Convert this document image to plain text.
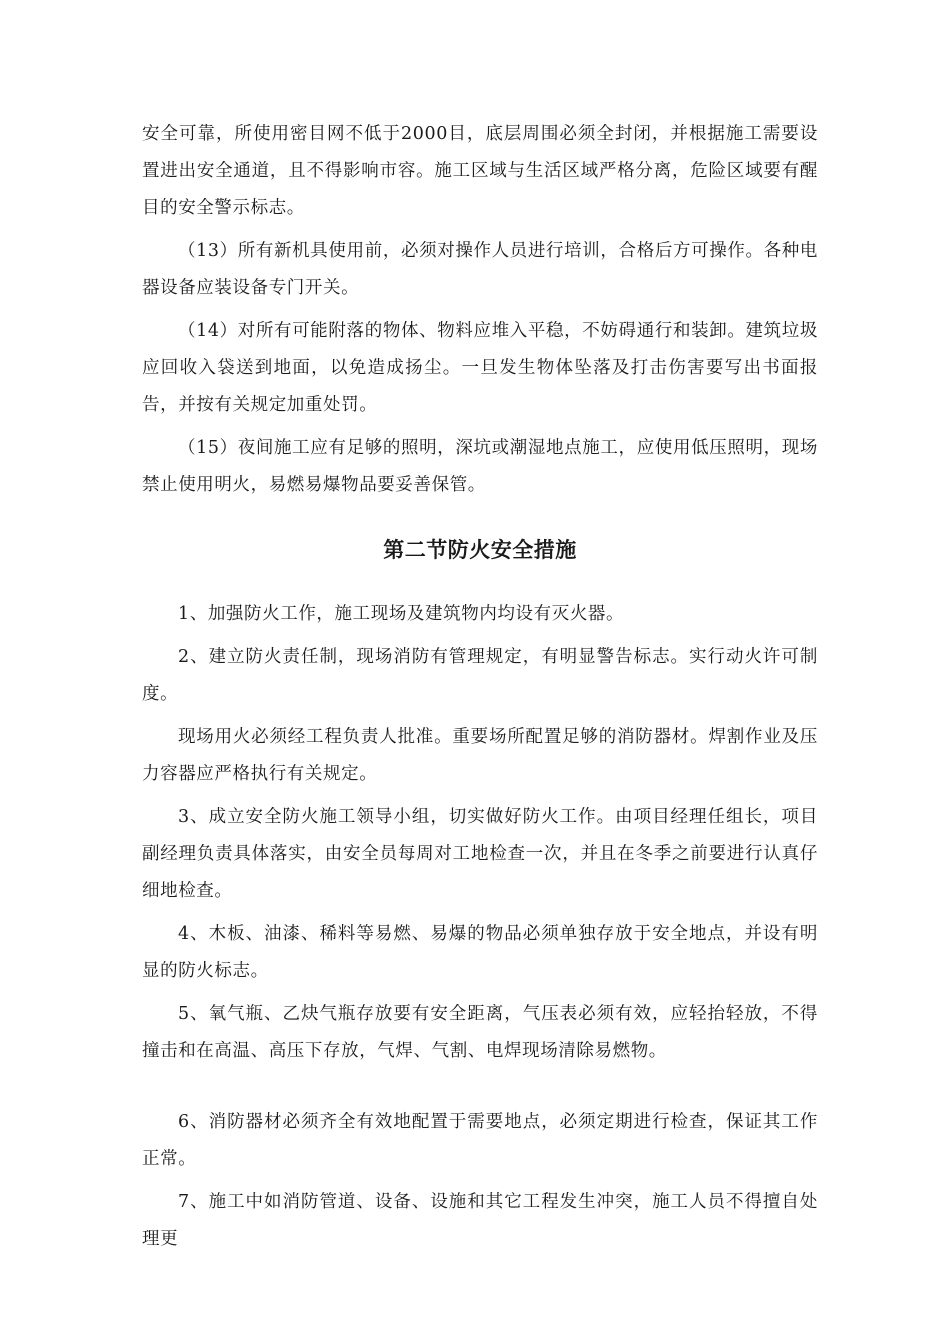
安全可靠，所使用密目网不低于2000目，底层周围必须全封闭，并根据施工需要设置进出安全通道，且不得影响市容。施工区域与生活区域严格分离，危险区域要有醒目的安全警示标志。

（13）所有新机具使用前，必须对操作人员进行培训，合格后方可操作。各种电器设备应装设备专门开关。

（14）对所有可能附落的物体、物料应堆入平稳，不妨碍通行和装卸。建筑垃圾应回收入袋送到地面，以免造成扬尘。一旦发生物体坠落及打击伤害要写出书面报告，并按有关规定加重处罚。

（15）夜间施工应有足够的照明，深坑或潮湿地点施工，应使用低压照明，现场禁止使用明火，易燃易爆物品要妥善保管。

第二节防火安全措施

1、加强防火工作，施工现场及建筑物内均设有灭火器。

2、建立防火责任制，现场消防有管理规定，有明显警告标志。实行动火许可制度。

现场用火必须经工程负责人批准。重要场所配置足够的消防器材。焊割作业及压力容器应严格执行有关规定。

3、成立安全防火施工领导小组，切实做好防火工作。由项目经理任组长，项目副经理负责具体落实，由安全员每周对工地检查一次，并且在冬季之前要进行认真仔细地检查。

4、木板、油漆、稀料等易燃、易爆的物品必须单独存放于安全地点，并设有明显的防火标志。

5、氧气瓶、乙炔气瓶存放要有安全距离，气压表必须有效，应轻抬轻放，不得撞击和在高温、高压下存放，气焊、气割、电焊现场清除易燃物。

6、消防器材必须齐全有效地配置于需要地点，必须定期进行检查，保证其工作正常。

7、施工中如消防管道、设备、设施和其它工程发生冲突，施工人员不得擅自处理更
